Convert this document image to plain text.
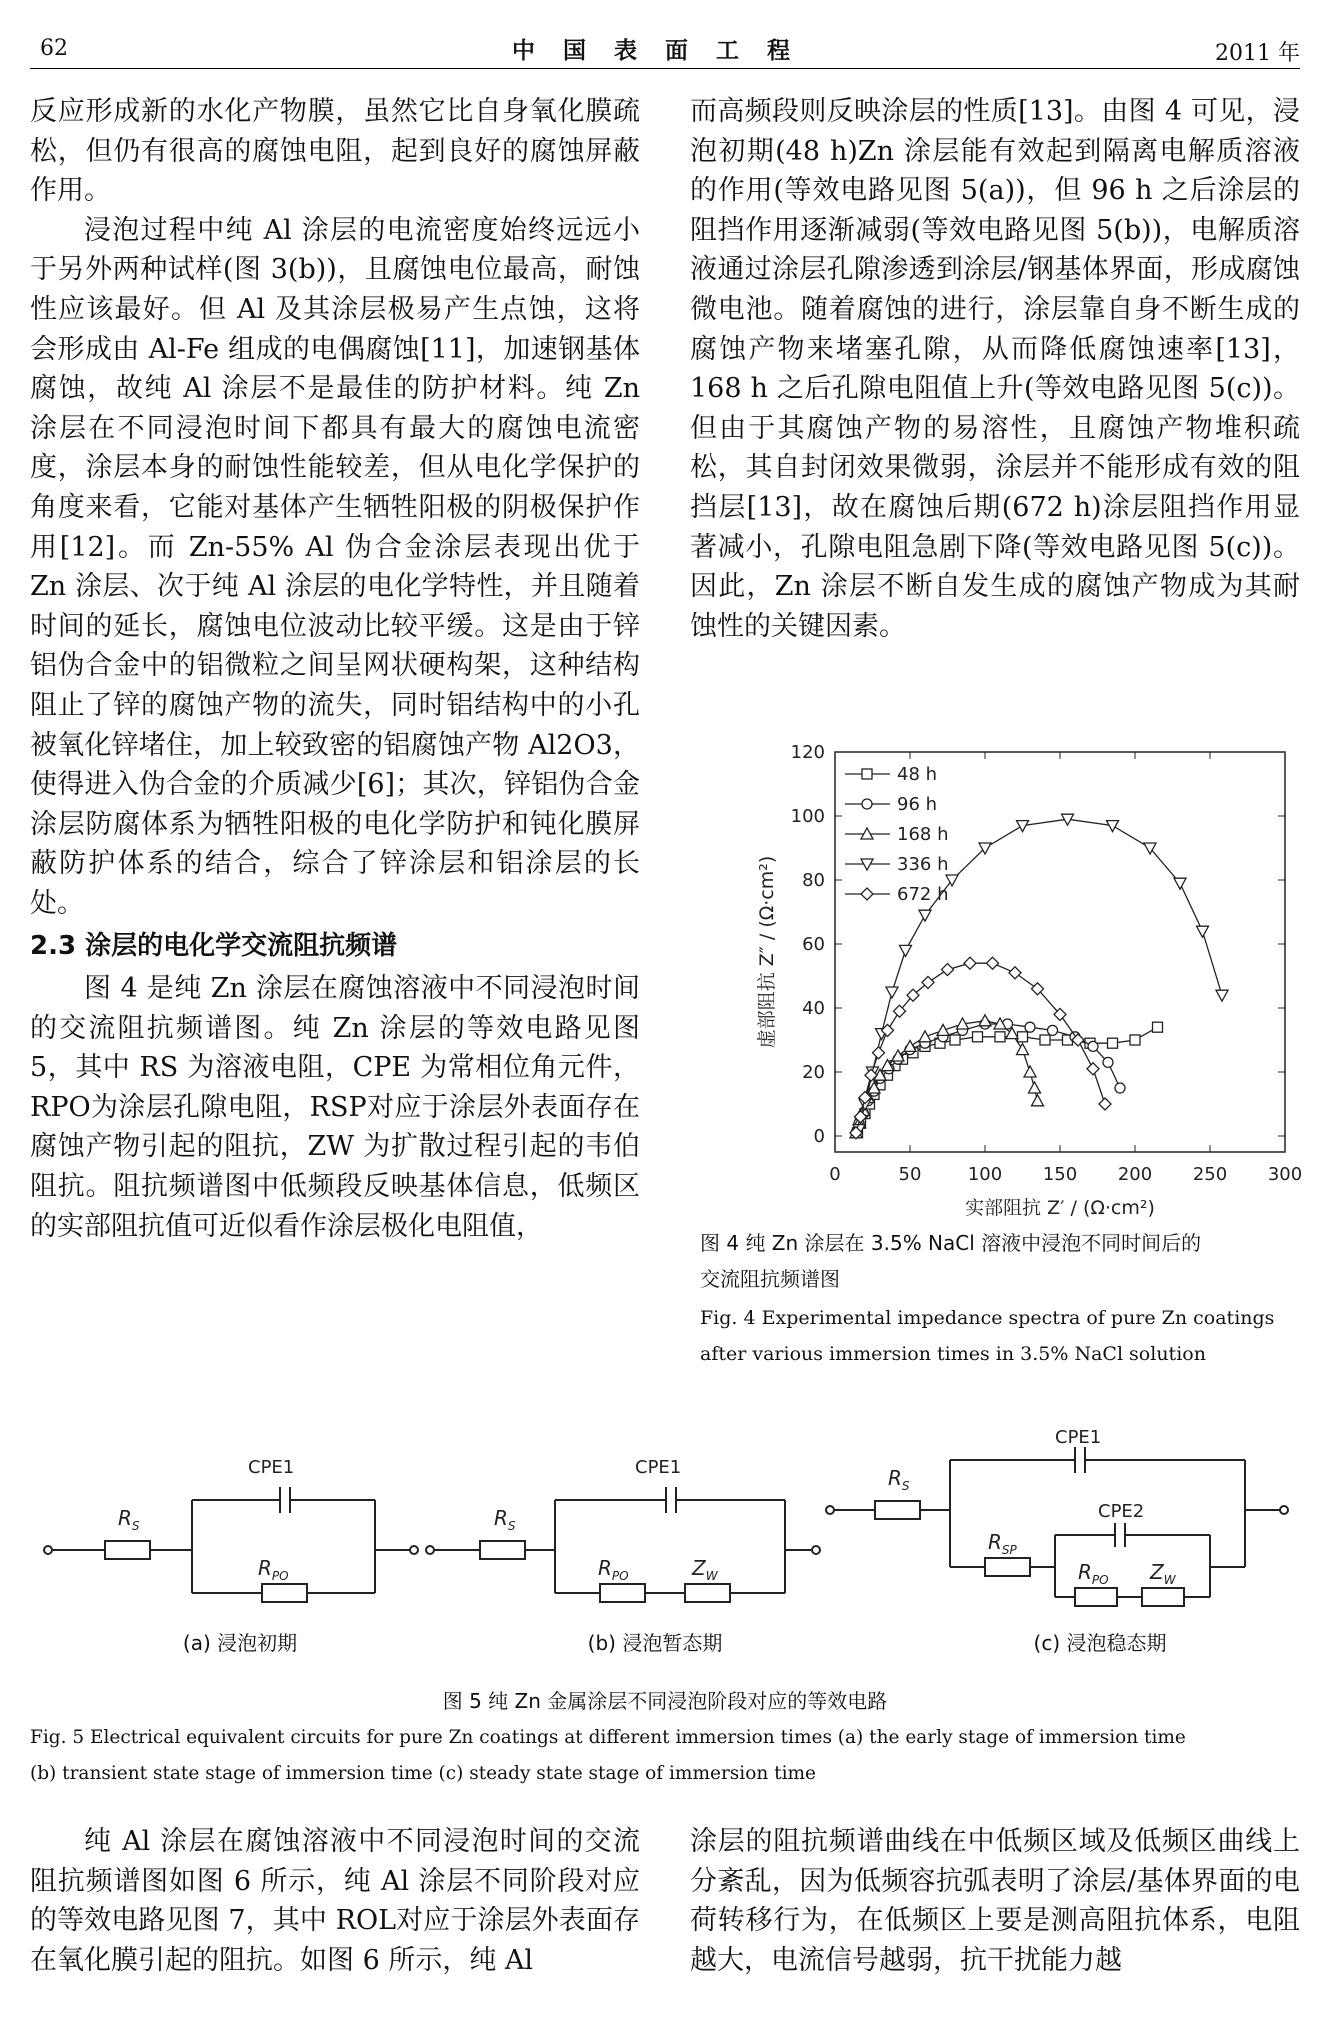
62	中国表面工程	2011 年

反应形成新的水化产物膜，虽然它比自身氧化膜疏松，但仍有很高的腐蚀电阻，起到良好的腐蚀屏蔽作用。

浸泡过程中纯 Al 涂层的电流密度始终远远小于另外两种试样(图 3(b))，且腐蚀电位最高，耐蚀性应该最好。但 Al 及其涂层极易产生点蚀，这将会形成由 Al-Fe 组成的电偶腐蚀[11]，加速钢基体腐蚀，故纯 Al 涂层不是最佳的防护材料。纯 Zn 涂层在不同浸泡时间下都具有最大的腐蚀电流密度，涂层本身的耐蚀性能较差，但从电化学保护的角度来看，它能对基体产生牺牲阳极的阴极保护作用[12]。而 Zn-55% Al 伪合金涂层表现出优于 Zn 涂层、次于纯 Al 涂层的电化学特性，并且随着时间的延长，腐蚀电位波动比较平缓。这是由于锌铝伪合金中的铝微粒之间呈网状硬构架，这种结构阻止了锌的腐蚀产物的流失，同时铝结构中的小孔被氧化锌堵住，加上较致密的铝腐蚀产物 Al2O3，使得进入伪合金的介质减少[6]；其次，锌铝伪合金涂层防腐体系为牺牲阳极的电化学防护和钝化膜屏蔽防护体系的结合，综合了锌涂层和铝涂层的长处。

2.3 涂层的电化学交流阻抗频谱

图 4 是纯 Zn 涂层在腐蚀溶液中不同浸泡时间的交流阻抗频谱图。纯 Zn 涂层的等效电路见图 5，其中 RS 为溶液电阻，CPE 为常相位角元件，RPO为涂层孔隙电阻，RSP对应于涂层外表面存在腐蚀产物引起的阻抗，ZW 为扩散过程引起的韦伯阻抗。阻抗频谱图中低频段反映基体信息，低频区的实部阻抗值可近似看作涂层极化电阻值，

而高频段则反映涂层的性质[13]。由图 4 可见，浸泡初期(48 h)Zn 涂层能有效起到隔离电解质溶液的作用(等效电路见图 5(a))，但 96 h 之后涂层的阻挡作用逐渐减弱(等效电路见图 5(b))，电解质溶液通过涂层孔隙渗透到涂层/钢基体界面，形成腐蚀微电池。随着腐蚀的进行，涂层靠自身不断生成的腐蚀产物来堵塞孔隙，从而降低腐蚀速率[13]，168 h 之后孔隙电阻值上升(等效电路见图 5(c))。但由于其腐蚀产物的易溶性，且腐蚀产物堆积疏松，其自封闭效果微弱，涂层并不能形成有效的阻挡层[13]，故在腐蚀后期(672 h)涂层阻挡作用显著减小，孔隙电阻急剧下降(等效电路见图 5(c))。因此，Zn 涂层不断自发生成的腐蚀产物成为其耐蚀性的关键因素。

0	50	100 150 200 250 300
0
20
40
60
80
100
120
实部阻抗 Z′ / (Ω·cm²)
虚部阻抗 Z″ / (Ω·cm²)
48 h
96 h
168 h
336 h
672 h
图 4 纯 Zn 涂层在 3.5% NaCl 溶液中浸泡不同时间后的
交流阻抗频谱图
Fig. 4 Experimental impedance spectra of pure Zn coatings
after various immersion times in 3.5% NaCl solution
$R_S$
CPE1
$R_{PO}$
$R_S$
CPE1
$R_{PO}$	$Z_W$
$R_S$
CPE1
$R_{SP}$
CPE2
$R_{PO}$ $Z_W$
(a) 浸泡初期	(b) 浸泡暂态期	(c) 浸泡稳态期
图 5 纯 Zn 金属涂层不同浸泡阶段对应的等效电路
Fig. 5 Electrical equivalent circuits for pure Zn coatings at different immersion times (a) the early stage of immersion time
(b) transient state stage of immersion time (c) steady state stage of immersion time
纯 Al 涂层在腐蚀溶液中不同浸泡时间的交流阻抗频谱图如图 6 所示，纯 Al 涂层不同阶段对应的等效电路见图 7，其中 ROL对应于涂层外表面存在氧化膜引起的阻抗。如图 6 所示，纯 Al
涂层的阻抗频谱曲线在中低频区域及低频区曲线上分紊乱，因为低频容抗弧表明了涂层/基体界面的电荷转移行为，在低频区上要是测高阻抗体系，电阻越大，电流信号越弱，抗干扰能力越
